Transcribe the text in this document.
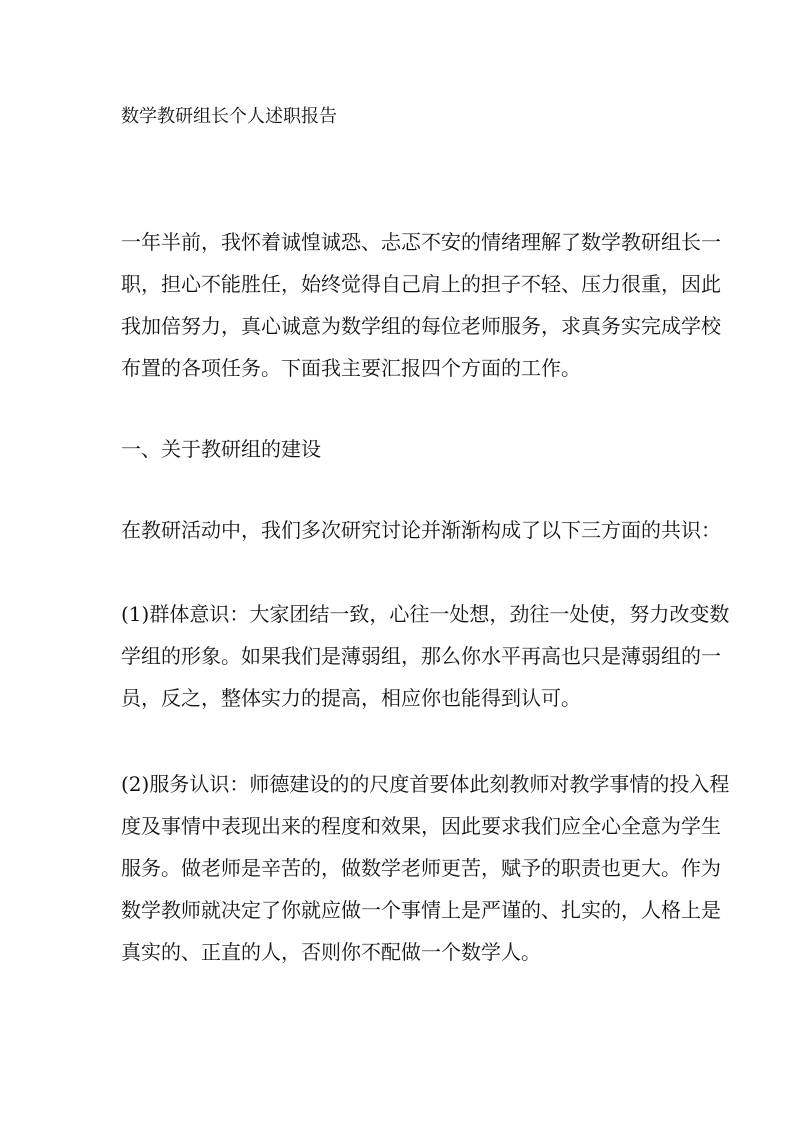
数学教研组长个人述职报告
一年半前，我怀着诚惶诚恐、忐忑不安的情绪理解了数学教研组长一
职，担心不能胜任，始终觉得自己肩上的担子不轻、压力很重，因此
我加倍努力，真心诚意为数学组的每位老师服务，求真务实完成学校
布置的各项任务。下面我主要汇报四个方面的工作。
一、关于教研组的建设
在教研活动中，我们多次研究讨论并渐渐构成了以下三方面的共识：
(1)群体意识：大家团结一致，心往一处想，劲往一处使，努力改变数
学组的形象。如果我们是薄弱组，那么你水平再高也只是薄弱组的一
员，反之，整体实力的提高，相应你也能得到认可。
(2)服务认识：师德建设的的尺度首要体此刻教师对教学事情的投入程
度及事情中表现出来的程度和效果，因此要求我们应全心全意为学生
服务。做老师是辛苦的，做数学老师更苦，赋予的职责也更大。作为
数学教师就决定了你就应做一个事情上是严谨的、扎实的，人格上是
真实的、正直的人，否则你不配做一个数学人。
